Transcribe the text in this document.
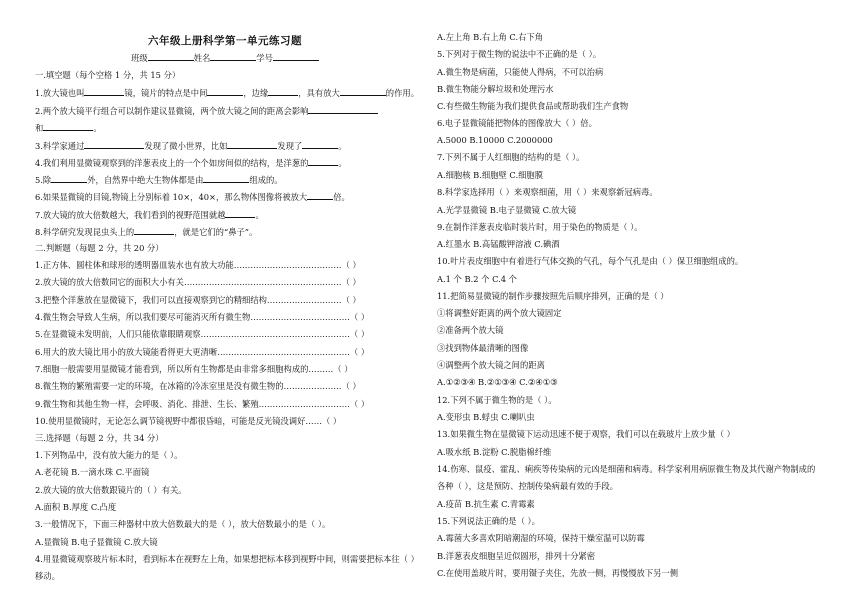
六年级上册科学第一单元练习题
班级	姓名	学号
一.填空题（每个空格 1 分，共 15 分）
1.放大镜也叫	镜，镜片的特点是中间	，边缘	，具有放大	的作用。
2.两个放大镜平行组合可以制作建议显微镜，两个放大镜之间的距离会影响
和	。
3.科学家通过	发现了微小世界，比如	发现了	。
4.我们利用显微镜观察到的洋葱表皮上的一个个如房间似的结构，是洋葱的	。
5.除	外，自然界中绝大生物体都是由	组成的。
6.如果显微镜的目镜,物镜上分别标着 10×，40×，那么物体图像将被放大	倍。
7.放大镜的放大倍数越大，我们看到的视野范围就越	。
8.科学研究发现昆虫头上的	，就是它们的“鼻子”。
二.判断题（每题 2 分，共 20 分）
1.正方体、圆柱体和球形的透明器皿装水也有放大功能…………………………………（ ）
2.放大镜的放大倍数同它的面积大小有关…………………………………………………（ ）
3.把整个洋葱放在显微镜下，我们可以直接观察到它的精细结构………………………（ ）
4.微生物会导致人生病，所以我们要尽可能消灭所有微生物………………………………（ ）
5.在显微镜未发明前，人们只能依靠眼睛观察………………………………………………（ ）
6.用大的放大镜比用小的放大镜能看得更大更清晰…………………………………………（ ）
7.细胞一般需要用显微镜才能看到，所以所有生物都是由非常多细胞构成的………（ ）
8.微生物的繁殖需要一定的环境，在冰箱的冷冻室里是没有微生物的…………………（ ）
9.微生物和其他生物一样，会呼吸、消化、排泄、生长、繁殖……………………………（ ）
10.使用显微镜时，无论怎么调节镜视野中都很昏暗，可能是反光镜没调好……（ ）
三.选择题（每题 2 分，共 34 分）
1.下列物品中，没有放大能力的是（ ）。
A.老花镜 B.一滴水珠 C.平面镜
2.放大镜的放大倍数跟镜片的（ ）有关。
A.面积 B.厚度 C.凸度
3.一般情况下，下面三种器材中放大倍数最大的是（ ），放大倍数最小的是（ ）。
A.显微镜 B.电子显微镜 C.放大镜
4.用显微镜观察玻片标本时，看到标本在视野左上角，如果想把标本移到视野中间，则需要把标本往（ ）
移动。
A.左上角 B.右上角 C.右下角
5.下列对于微生物的说法中不正确的是（ ）。
A.微生物是病菌，只能使人得病，不可以治病
B.微生物能分解垃圾和处理污水
C.有些微生物能为我们提供食品或帮助我们生产食物
6.电子显微镜能把物体的图像放大（ ）倍。
A.5000 B.10000 C.2000000
7.下列不属于人红细胞的结构的是（ ）。
A.细胞核 B.细胞壁 C.细胞膜
8.科学家选择用（ ）来观察细菌，用（ ）来观察新冠病毒。
A.光学显微镜 B.电子显微镜 C.放大镜
9.在制作洋葱表皮临时装片时，用于染色的物质是（ ）。
A.红墨水 B.高锰酸钾溶液 C.碘酒
10.叶片表皮细胞中有着进行气体交换的气孔，每个气孔是由（ ）保卫细胞组成的。
A.1 个 B.2 个 C.4 个
11.把简易显微镜的制作步骤按照先后顺序排列，正确的是（ ）
①将调整好距离的两个放大镜固定
②准备两个放大镜
③找到物体最清晰的图像
④调整两个放大镜之间的距离
A.①②③④ B.②①③④ C.②④①③
12.下列不属于微生物的是（ ）。
A.变形虫 B.蜉虫 C.喇叭虫
13.如果微生物在显微镜下运动迅速不便于观察，我们可以在载玻片上放少量（ ）
A.吸水纸 B.淀粉 C.脱脂棉纤维
14.伤寒、鼠疫、霍乱、痢疾等传染病的元凶是细菌和病毒。科学家利用病原微生物及其代谢产物制成的
各种（ ），这是预防、控制传染病最有效的手段。
A.疫苗 B.抗生素 C.青霉素
15.下列说法正确的是（ ）。
A.霉菌大多喜欢阴暗潮湿的环境，保持干燥室温可以防霉
B.洋葱表皮细胞呈近似圆形，排列十分紧密
C.在使用盖玻片时，要用镊子夹住，先放一侧，再慢慢放下另一侧
